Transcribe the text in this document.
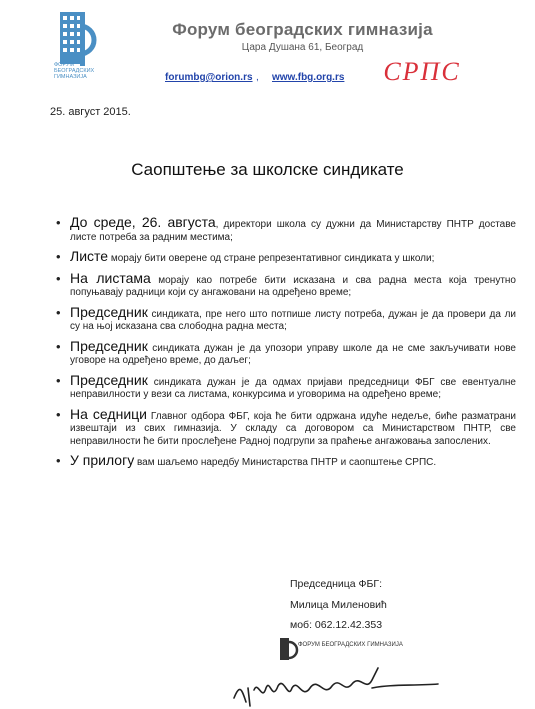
ФОРУМ БЕОГРАДСКИХ ГИМНАЗИЈА
Форум београдских гимназија
Цара Душана 61, Београд
forumbg@orion.rs , www.fbg.org.rs СРПС
25. август 2015.
Саопштење за школске синдикате
• До среде, 26. августа, директори школа су дужни да Министарству ПНТР доставе листе потреба за радним местима;
• Листе морају бити оверене од стране репрезентативног синдиката у школи;
• На листама морају као потребе бити исказана и сва радна места која тренутно попуњавају радници који су ангажовани на одређено време;
• Председник синдиката, пре него што потпише листу потреба, дужан је да провери да ли су на њој исказана сва слободна радна места;
• Председник синдиката дужан је да упозори управу школе да не сме закључивати нове уговоре на одређено време, до даљег;
• Председник синдиката дужан је да одмах пријави председници ФБГ све евентуалне неправилности у вези са листама, конкурсима и уговорима на одређено време;
• На седници Главног одбора ФБГ, која ће бити одржана идуће недеље, биће разматрани извештаји из свих гимназија. У складу са договором са Министарством ПНТР, све неправилности ће бити прослеђене Радној подгрупи за праћење ангажовања запослених.
• У прилогу вам шаљемо наредбу Министарства ПНТР и саопштење СРПС.
Председница ФБГ:
Милица Миленовић
моб: 062.12.42.353
ФОРУМ БЕОГРАДСКИХ ГИМНАЗИЈА
